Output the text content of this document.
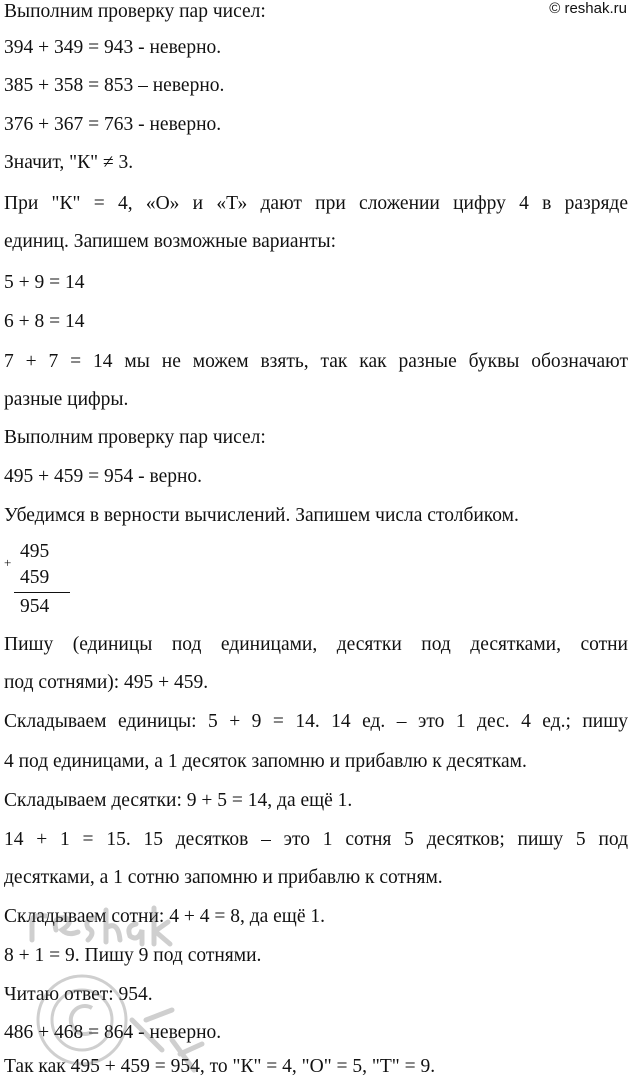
© reshak.ru
Выполним проверку пар чисел:
394 + 349 = 943 - неверно.
385 + 358 = 853 – неверно.
376 + 367 = 763 - неверно.
Значит, "К" ≠ 3.
При "К" = 4, «О» и «Т» дают при сложении цифру 4 в разряде
единиц. Запишем возможные варианты:
5 + 9 = 14
6 + 8 = 14
7 + 7 = 14 мы не можем взять, так как разные буквы обозначают
разные цифры.
Выполним проверку пар чисел:
495 + 459 = 954 - верно.
Убедимся в верности вычислений. Запишем числа столбиком.
+
495
459
954
Пишу (единицы под единицами, десятки под десятками, сотни
под сотнями): 495 + 459.
Складываем единицы: 5 + 9 = 14. 14 ед. – это 1 дес. 4 ед.; пишу
4 под единицами, а 1 десяток запомню и прибавлю к десяткам.
Складываем десятки: 9 + 5 = 14, да ещё 1.
14 + 1 = 15. 15 десятков – это 1 сотня 5 десятков; пишу 5 под
десятками, а 1 сотню запомню и прибавлю к сотням.
Складываем сотни: 4 + 4 = 8, да ещё 1.
8 + 1 = 9. Пишу 9 под сотнями.
Читаю ответ: 954.
486 + 468 = 864 - неверно.
Так как 495 + 459 = 954, то "К" = 4, "О" = 5, "Т" = 9.
